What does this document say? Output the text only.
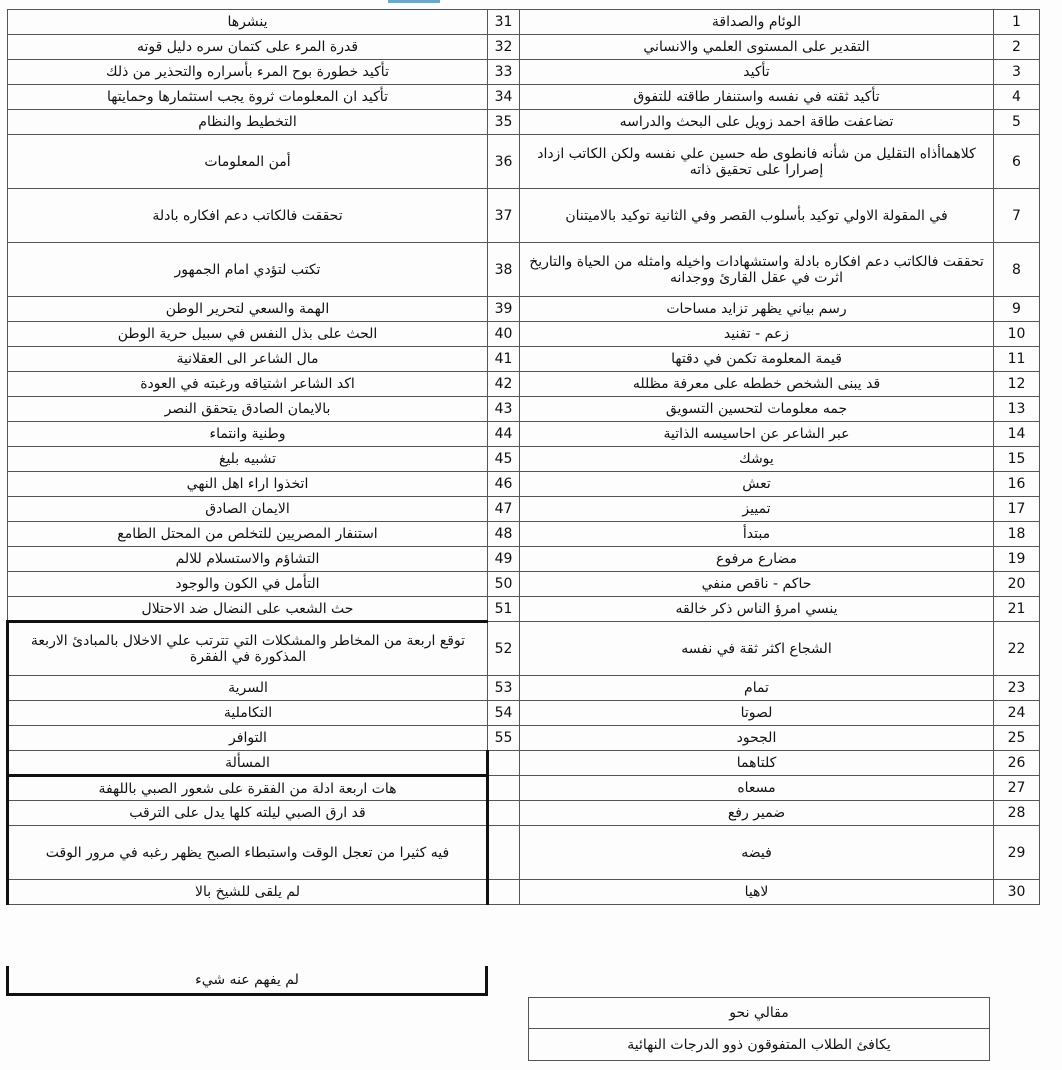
1	الوئام والصداقة	31	ينشرها
2	التقدير على المستوى العلمي والانساني	32	قدرة المرء على كتمان سره دليل قوته
3	تأكيد	33	تأكيد خطورة بوح المرء بأسراره والتحذير من ذلك
4	تأكيد ثقته في نفسه واستنفار طاقته للتفوق	34	تأكيد ان المعلومات ثروة يجب استثمارها وحمايتها
5	تضاعفت طاقة احمد زويل على البحث والدراسه	35	التخطيط والنظام
6	كلاهماأذاه التقليل من شأنه فانطوى طه حسين علي نفسه ولكن الكاتب ازداد إصرارا على تحقيق ذاته	36	أمن المعلومات
7	في المقولة الاولي توكيد بأسلوب القصر وفي الثانية توكيد بالاميتنان	37	تحققت فالكاتب دعم افكاره بادلة
8	تحققت فالكاتب دعم افكاره بادلة واستشهادات واخيله وامثله من الحياة والتاريخ اثرت في عقل القارئ ووجدانه	38	تكتب لتؤدي امام الجمهور
9	رسم بياني يظهر تزايد مساحات	39	الهمة والسعي لتحرير الوطن
10	زعم - تفنيد	40	الحث على بذل النفس في سبيل حرية الوطن
11	قيمة المعلومة تكمن في دقتها	41	مال الشاعر الى العقلانية
12	قد يبنى الشخص خططه على معرفة مظلله	42	اكد الشاعر اشتياقه ورغبته في العودة
13	جمه معلومات لتحسين التسويق	43	بالايمان الصادق يتحقق النصر
14	عبر الشاعر عن احاسيسه الذاتية	44	وطنية وانتماء
15	يوشك	45	تشبيه بليغ
16	تعش	46	اتخذوا اراء اهل النهي
17	تمييز	47	الايمان الصادق
18	مبتدأ	48	استنفار المصريين للتخلص من المحتل الطامع
19	مضارع مرفوع	49	التشاؤم والاستسلام للالم
20	حاكم - ناقص منفي	50	التأمل في الكون والوجود
21	ينسي امرؤ الناس ذكر خالقه	51	حث الشعب على النضال ضد الاحتلال
22	الشجاع اكثر ثقة في نفسه	52	توقع اربعة من المخاطر والمشكلات التي تترتب علي الاخلال بالمبادئ الاربعة المذكورة في الفقرة
23	تمام	53	السرية
24	لصوتا	54	التكاملية
25	الجحود	55	التوافر
26	كلتاهما		المسألة
27	مسعاه		هات اربعة ادلة من الفقرة على شعور الصبي باللهفة
28	ضمير رفع		قد ارق الصبي ليلته كلها يدل على الترقب
29	فيضه		فيه كثيرا من تعجل الوقت واستبطاء الصبح يظهر رغبه في مرور الوقت
30	لاهيا		لم يلقى للشيخ بالا
لم يفهم عنه شيء
مقالي نحو
يكافئ الطلاب المتفوقون ذوو الدرجات النهائية
